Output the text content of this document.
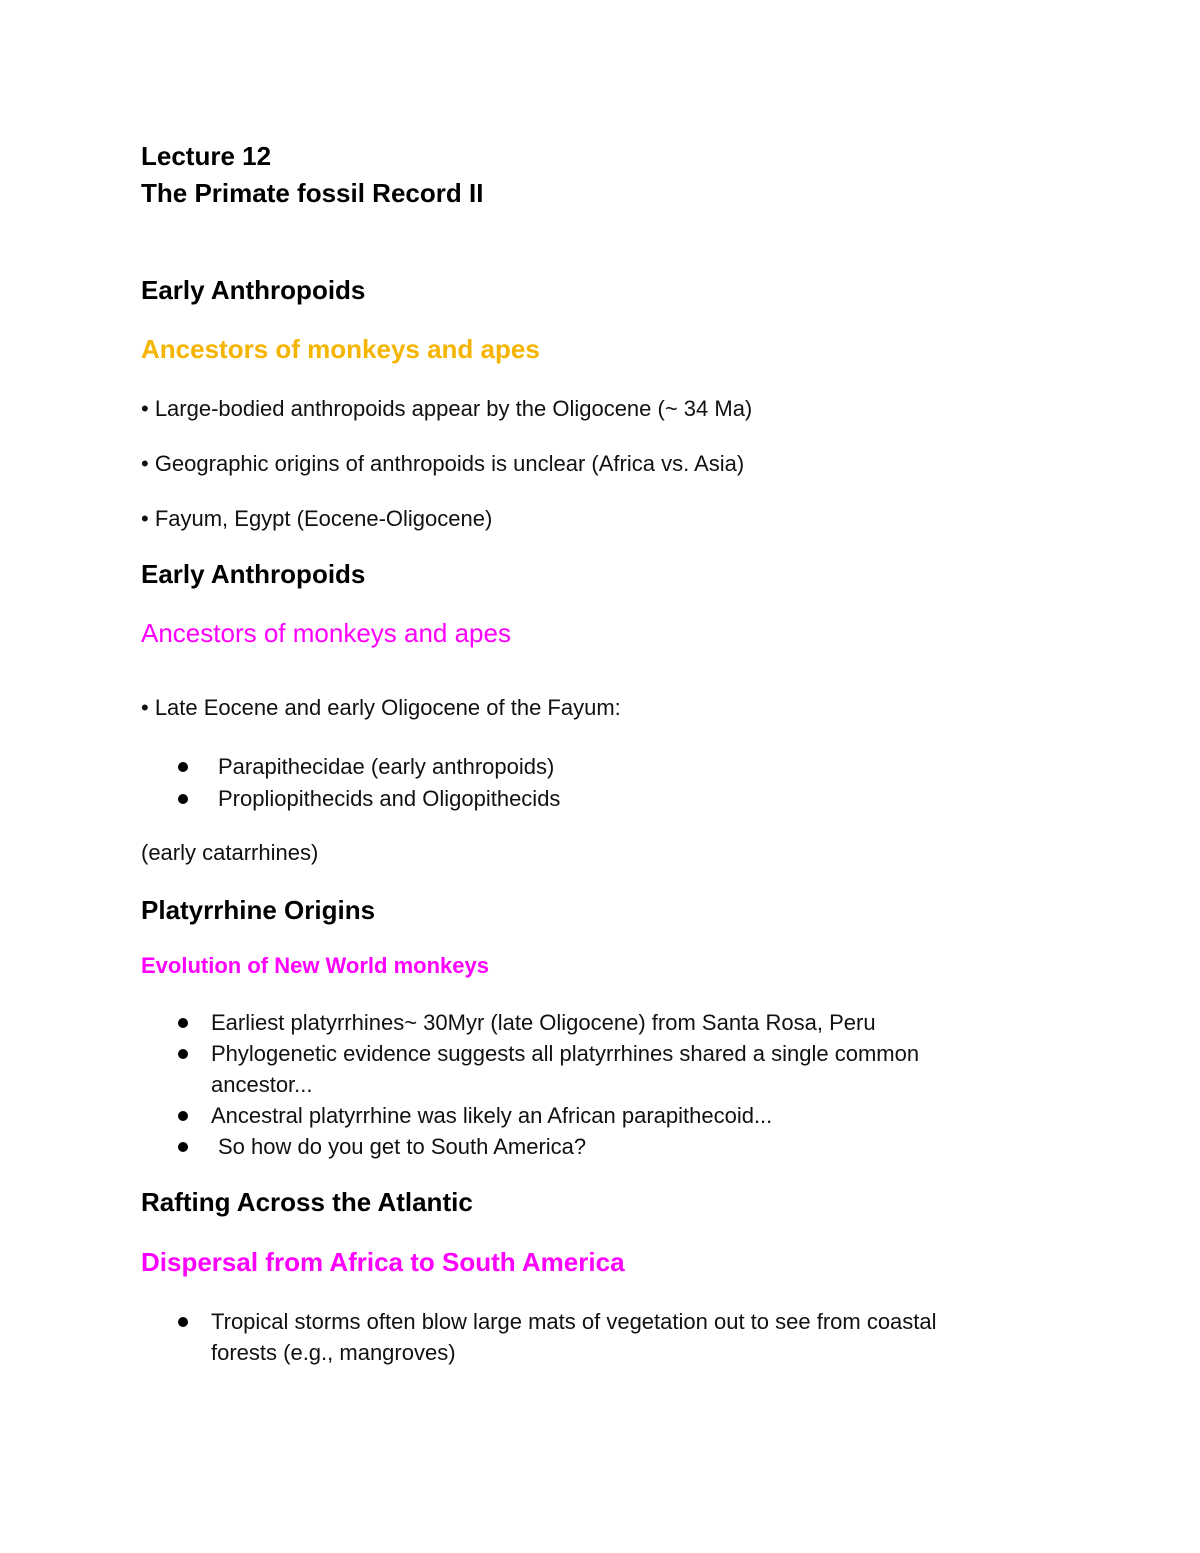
Lecture 12
The Primate fossil Record II
Early Anthropoids
Ancestors of monkeys and apes
• Large-bodied anthropoids appear by the Oligocene (~ 34 Ma)
• Geographic origins of anthropoids is unclear (Africa vs. Asia)
• Fayum, Egypt (Eocene-Oligocene)
Early Anthropoids
Ancestors of monkeys and apes
• Late Eocene and early Oligocene of the Fayum:
Parapithecidae (early anthropoids)
Propliopithecids and Oligopithecids
(early catarrhines)
Platyrrhine Origins
Evolution of New World monkeys
Earliest platyrrhines~ 30Myr (late Oligocene) from Santa Rosa, Peru
Phylogenetic evidence suggests all platyrrhines shared a single common
ancestor...
Ancestral platyrrhine was likely an African parapithecoid...
So how do you get to South America?
Rafting Across the Atlantic
Dispersal from Africa to South America
Tropical storms often blow large mats of vegetation out to see from coastal
forests (e.g., mangroves)
